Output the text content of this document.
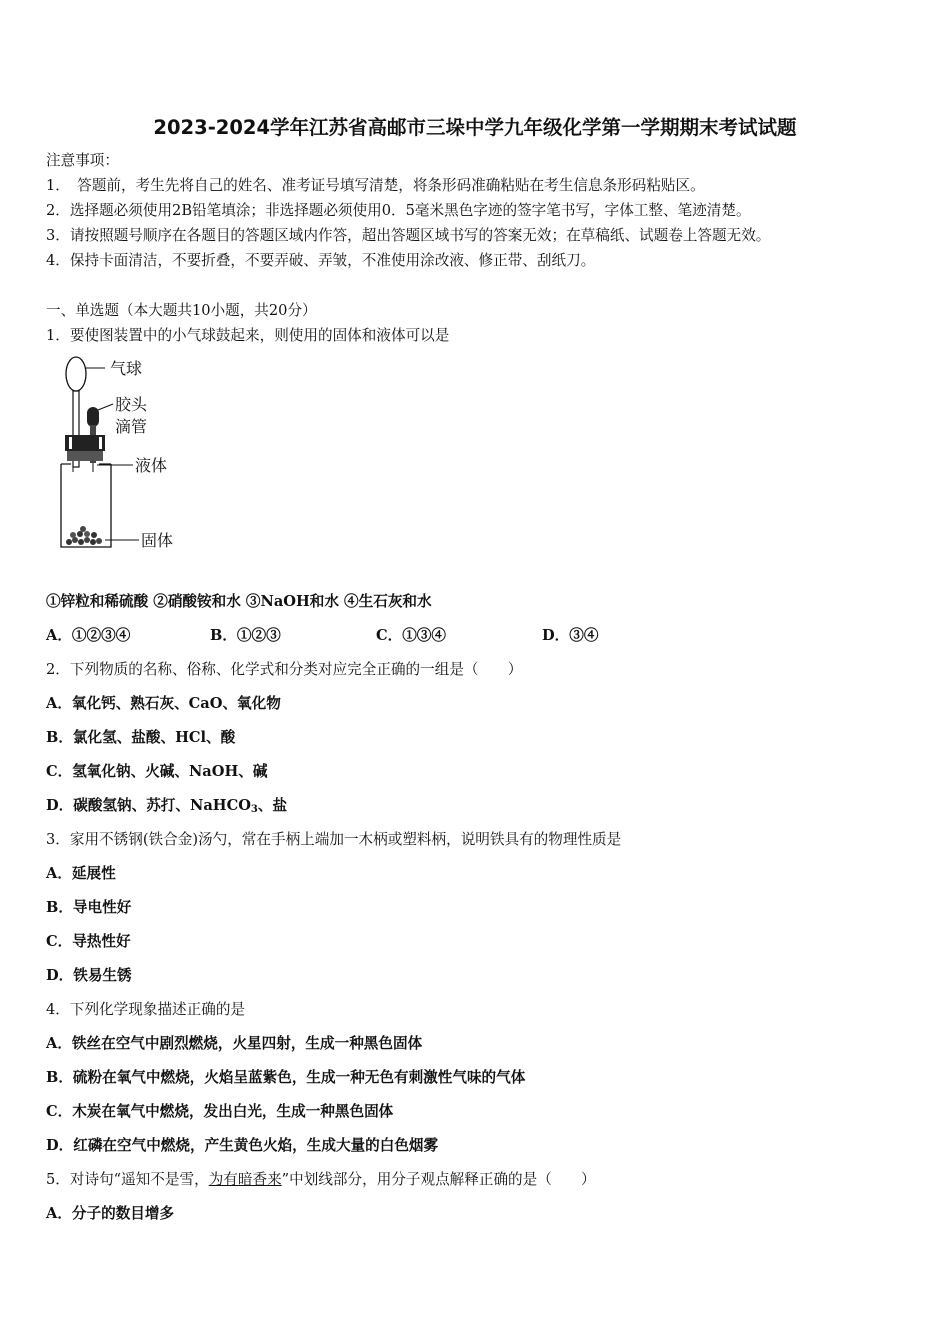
2023-2024学年江苏省高邮市三垛中学九年级化学第一学期期末考试试题
注意事项：
1．　答题前，考生先将自己的姓名、准考证号填写清楚，将条形码准确粘贴在考生信息条形码粘贴区。
2．选择题必须使用2B铅笔填涂；非选择题必须使用0．5毫米黑色字迹的签字笔书写，字体工整、笔迹清楚。
3．请按照题号顺序在各题目的答题区域内作答，超出答题区域书写的答案无效；在草稿纸、试题卷上答题无效。
4．保持卡面清洁，不要折叠，不要弄破、弄皱，不准使用涂改液、修正带、刮纸刀。
一、单选题（本大题共10小题，共20分）
1．要使图装置中的小气球鼓起来，则使用的固体和液体可以是
气球
胶头
滴管
液体
固体
①锌粒和稀硫酸 ②硝酸铵和水 ③NaOH和水 ④生石灰和水
A．①②③④	B．①②③	C．①③④	D．③④
2．下列物质的名称、俗称、化学式和分类对应完全正确的一组是（　　）
A．氧化钙、熟石灰、CaO、氧化物
B．氯化氢、盐酸、HCl、酸
C．氢氧化钠、火碱、NaOH、碱
D．碳酸氢钠、苏打、NaHCO$_3$、盐
3．家用不锈钢(铁合金)汤勺，常在手柄上端加一木柄或塑料柄，说明铁具有的物理性质是
A．延展性
B．导电性好
C．导热性好
D．铁易生锈
4．下列化学现象描述正确的是
A．铁丝在空气中剧烈燃烧，火星四射，生成一种黑色固体
B．硫粉在氧气中燃烧，火焰呈蓝紫色，生成一种无色有刺激性气味的气体
C．木炭在氧气中燃烧，发出白光，生成一种黑色固体
D．红磷在空气中燃烧，产生黄色火焰，生成大量的白色烟雾
5．对诗句“遥知不是雪，为有暗香来”中划线部分，用分子观点解释正确的是（　　）
A．分子的数目增多
